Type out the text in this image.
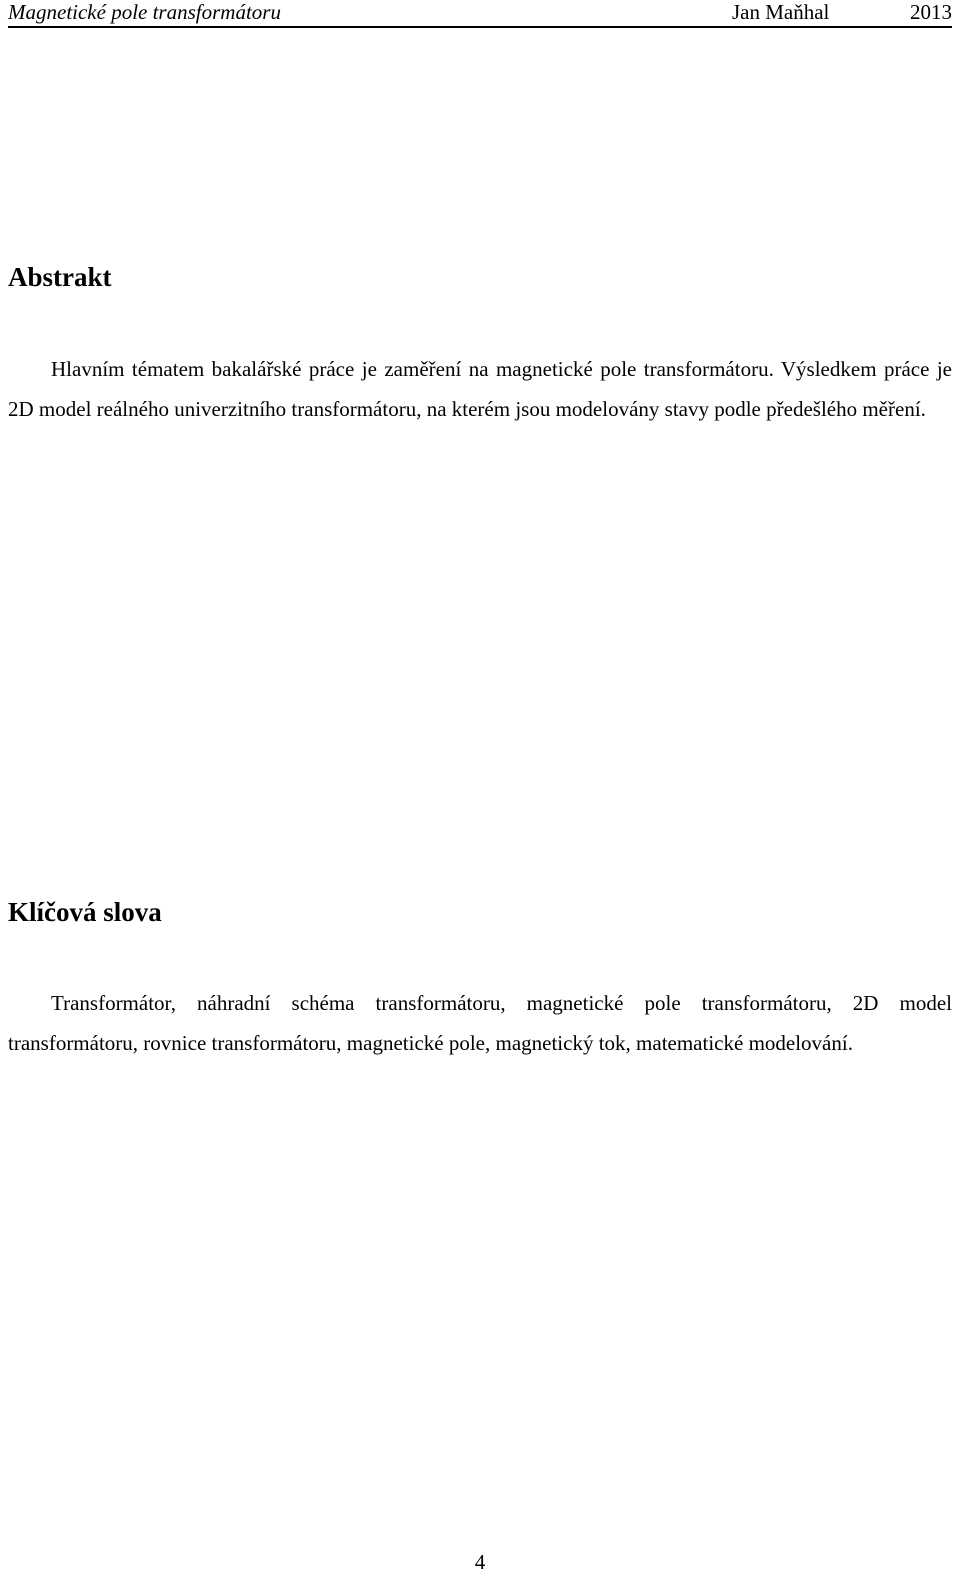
Magnetické pole transformátoru	Jan Maňhal	2013
Abstrakt

Hlavním tématem bakalářské práce je zaměření na magnetické pole transformátoru. Výsledkem práce je 2D model reálného univerzitního transformátoru, na kterém jsou modelovány stavy podle předešlého měření.

Klíčová slova

Transformátor, náhradní schéma transformátoru, magnetické pole transformátoru, 2D model transformátoru, rovnice transformátoru, magnetické pole, magnetický tok, matematické modelování.

4
